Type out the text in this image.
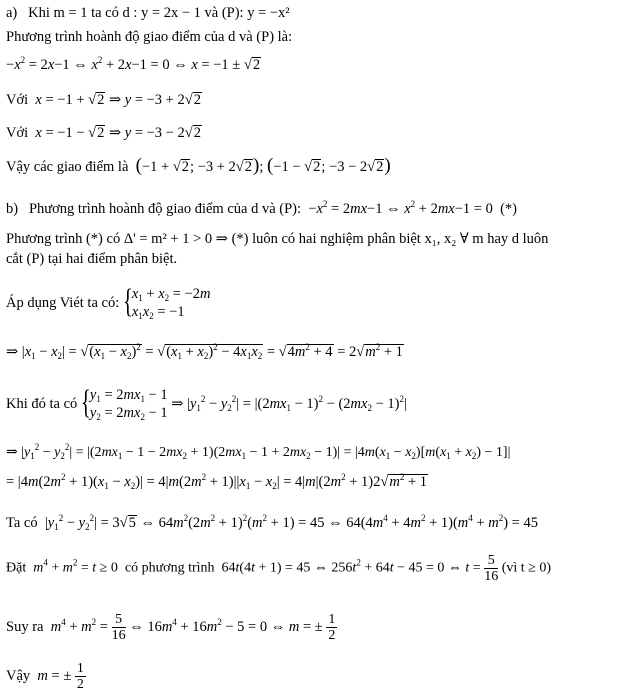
a) Khi m = 1 ta có d : y = 2x − 1 và (P): y = −x²
Phương trình hoành độ giao điểm của d và (P) là:
$-x^2 = 2x-1$ ⇔ $x^2 + 2x-1 = 0$ ⇔ x = −1 ± √2
Với x = −1 + √2 ⇒ y = −3 + 2√2
Với x = −1 − √2 ⇒ y = −3 − 2√2
Vậy các giao điểm là (−1 + √2; −3 + 2√2); (−1 − √2; −3 − 2√2)
b) Phương trình hoành độ giao điểm của d và (P):  $-x^2 = 2mx-1$ ⇔ $x^2 + 2mx-1 = 0$  (*)
Phương trình (*) có Δ' = m² + 1 > 0 ⇒ (*) luôn có hai nghiệm phân biệt x₁, x₂ ∀ m hay d luôn
cắt (P) tại hai điểm phân biệt.
Áp dụng Viét ta có: { $x_1 + x_2 = -2m$
$x_1x_2 = -1$
⇒ $|x_1 - x_2| = √(x_1 - x_2)^2 = √(x_1 + x_2)^2 - 4x_1x_2 = √4m^2 + 4 = 2√m^2 + 1$
Khi đó ta có { $y_1 = 2mx_1 - 1$
$y_2 = 2mx_2 - 1$
⇒ $|y_1^2 - y_2^2| = |(2mx_1 - 1)^2 - (2mx_2 - 1)^2|$
⇒ $|y_1^2 - y_2^2| = |(2mx_1 - 1 - 2mx_2 + 1)(2mx_1 - 1 + 2mx_2 - 1)| = |4m(x_1 - x_2)[m(x_1 + x_2) - 1]|$
= $|4m(2m^2 + 1)(x_1 - x_2)| = 4|m(2m^2 + 1)||x_1 - x_2| = 4|m|(2m^2 + 1)2√m^2 + 1$
Ta có  $|y_1^2 - y_2^2| = 3√5$ ⇔ $64m^2(2m^2 + 1)^2(m^2 + 1) = 45$ ⇔ $64(4m^4 + 4m^2 + 1)(m^4 + m^2) = 45$
Đặt $m^4 + m^2 = t \ge 0$  có phương trình  64t(4t + 1) = 45 ⇔ $256t^2 + 64t - 45 = 0$ ⇔ $t = \frac{5}{16}$ (vì t ≥ 0)
Suy ra $m^4 + m^2 = \frac{5}{16}$ ⇔ $16m^4 + 16m^2 - 5 = 0$ ⇔ m = ± $\frac{1}{2}$
Vậy m = ± $\frac{1}{2}$
